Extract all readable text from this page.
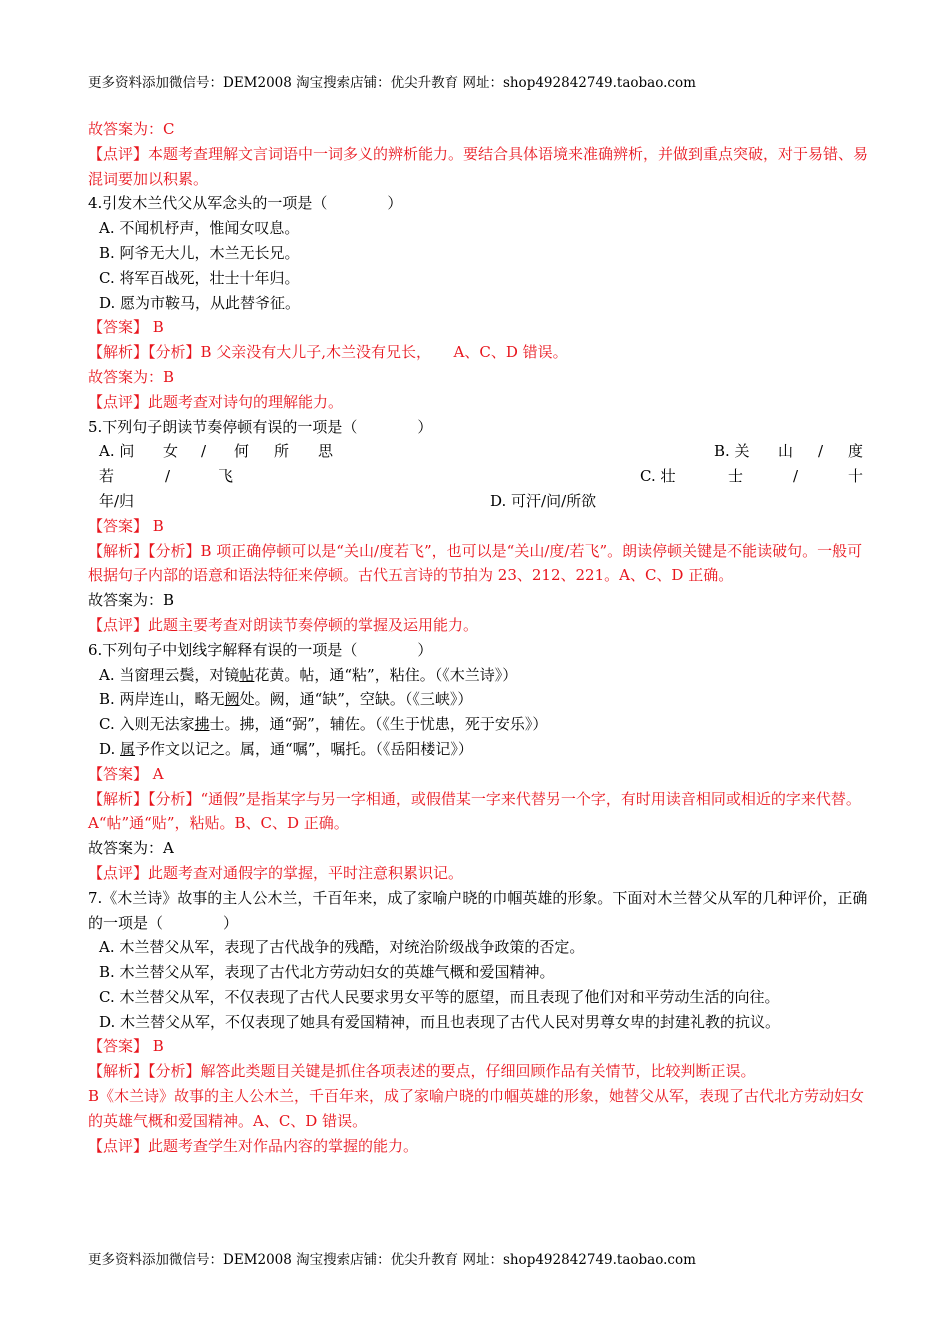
更多资料添加微信号：DEM2008 淘宝搜索店铺：优尖升教育 网址：shop492842749.taobao.com
故答案为：C
【点评】本题考查理解文言词语中一词多义的辨析能力。要结合具体语境来准确辨析，并做到重点突破，对于易错、易混词要加以积累。
4.引发木兰代父从军念头的一项是（　　　　）
A. 不闻机杼声，惟闻女叹息。
B. 阿爷无大儿，木兰无长兄。
C. 将军百战死，壮士十年归。
D. 愿为市鞍马，从此替爷征。
【答案】 B
【解析】【分析】B 父亲没有大儿子,木兰没有兄长，　　A、C、D 错误。
故答案为：B
【点评】此题考查对诗句的理解能力。
5.下列句子朗读节奏停顿有误的一项是（　　　　）
A. 问 女 / 何 所 思	B. 关 山 / 度
若	/	飞	C. 壮	士	/	十
年/归	D. 可汗/问/所欲
【答案】 B
【解析】【分析】B 项正确停顿可以是“关山/度若飞”，也可以是“关山/度/若飞”。朗读停顿关键是不能读破句。一般可根据句子内部的语意和语法特征来停顿。古代五言诗的节拍为 23、212、221。A、C、D 正确。
故答案为：B
【点评】此题主要考查对朗读节奏停顿的掌握及运用能力。
6.下列句子中划线字解释有误的一项是（　　　　）
A. 当窗理云鬓，对镜帖花黄。帖，通“粘”，粘住。（《木兰诗》）
B. 两岸连山，略无阙处。阙，通“缺”，空缺。（《三峡》）
C. 入则无法家拂士。拂，通“弼”，辅佐。（《生于忧患，死于安乐》）
D. 属予作文以记之。属，通“嘱”，嘱托。（《岳阳楼记》）
【答案】 A
【解析】【分析】“通假”是指某字与另一字相通，或假借某一字来代替另一个字，有时用读音相同或相近的字来代替。
A“帖”通“贴”，粘贴。B、C、D 正确。
故答案为：A
【点评】此题考查对通假字的掌握，平时注意积累识记。
7.《木兰诗》故事的主人公木兰，千百年来，成了家喻户晓的巾帼英雄的形象。下面对木兰替父从军的几种评价，正确的一项是（　　　　）
A. 木兰替父从军，表现了古代战争的残酷，对统治阶级战争政策的否定。
B. 木兰替父从军，表现了古代北方劳动妇女的英雄气概和爱国精神。
C. 木兰替父从军，不仅表现了古代人民要求男女平等的愿望，而且表现了他们对和平劳动生活的向往。
D. 木兰替父从军，不仅表现了她具有爱国精神，而且也表现了古代人民对男尊女卑的封建礼教的抗议。
【答案】 B
【解析】【分析】解答此类题目关键是抓住各项表述的要点，仔细回顾作品有关情节，比较判断正误。
B《木兰诗》故事的主人公木兰，千百年来，成了家喻户晓的巾帼英雄的形象，她替父从军，表现了古代北方劳动妇女的英雄气概和爱国精神。A、C、D 错误。
【点评】此题考查学生对作品内容的掌握的能力。
更多资料添加微信号：DEM2008 淘宝搜索店铺：优尖升教育 网址：shop492842749.taobao.com
